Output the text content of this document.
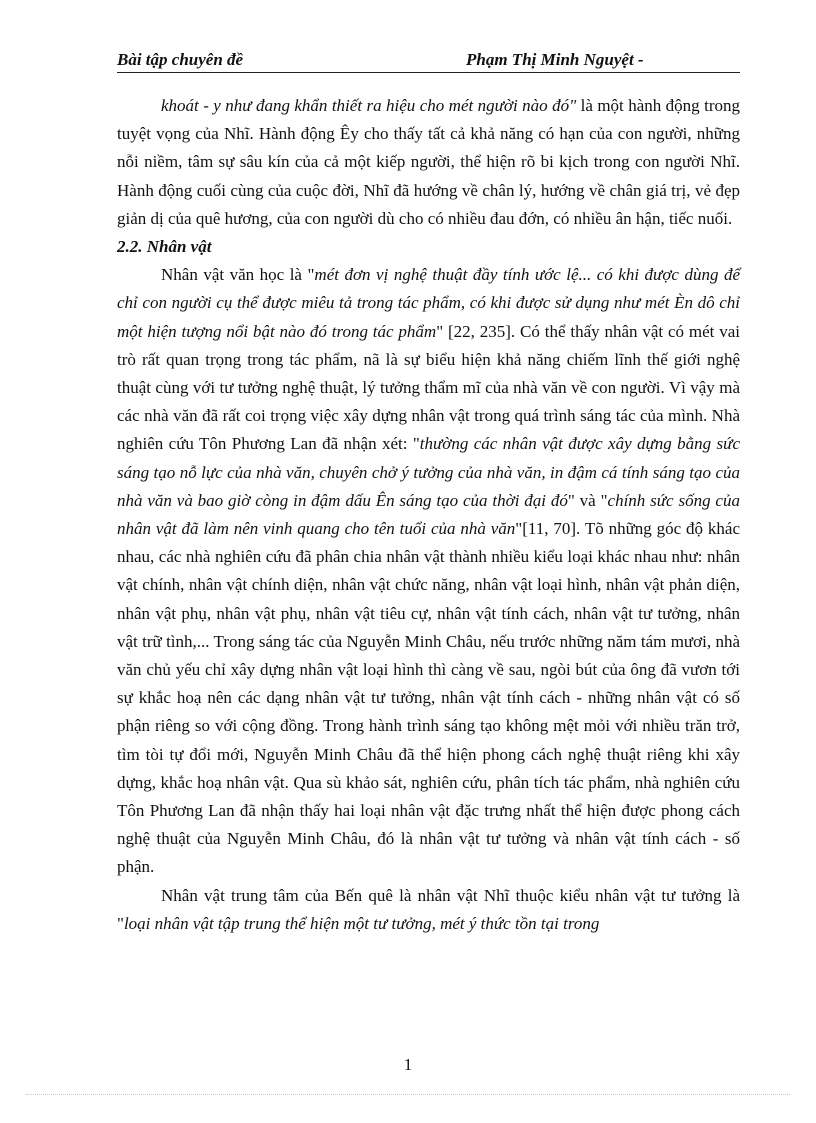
Bài tập chuyên đề	Phạm Thị Minh Nguyệt -

khoát - y như đang khẩn thiết ra hiệu cho mét người nào đó" là một hành động trong tuyệt vọng của Nhĩ. Hành động Êy cho thấy tất cả khả năng có hạn của con người, những nỗi niềm, tâm sự sâu kín của cả một kiếp người, thể hiện rõ bi kịch trong con người Nhĩ. Hành động cuối cùng của cuộc đời, Nhĩ đã hướng về chân lý, hướng về chân giá trị, vẻ đẹp giản dị của quê hương, của con người dù cho có nhiều đau đớn, có nhiều ân hận, tiếc nuối.

2.2. Nhân vật

Nhân vật văn học là "mét đơn vị nghệ thuật đầy tính ước lệ... có khi được dùng để chỉ con người cụ thể được miêu tả trong tác phẩm, có khi được sử dụng như mét Èn dô chỉ một hiện tượng nổi bật nào đó trong tác phẩm" [22, 235]. Có thể thấy nhân vật có mét vai trò rất quan trọng trong tác phẩm, nã là sự biểu hiện khả năng chiếm lĩnh thế giới nghệ thuật cùng với tư tưởng nghệ thuật, lý tưởng thẩm mĩ của nhà văn về con người. Vì vậy mà các nhà văn đã rất coi trọng việc xây dựng nhân vật trong quá trình sáng tác của mình. Nhà nghiên cứu Tôn Phương Lan đã nhận xét: "thường các nhân vật được xây dựng bằng sức sáng tạo nỗ lực của nhà văn, chuyên chở ý tưởng của nhà văn, in đậm cá tính sáng tạo của nhà văn và bao giờ còng in đậm dấu Ên sáng tạo của thời đại đó" và "chính sức sống của nhân vật đã làm nên vinh quang cho tên tuổi của nhà văn"[11, 70]. Tõ những góc độ khác nhau, các nhà nghiên cứu đã phân chia nhân vật thành nhiều kiểu loại khác nhau như: nhân vật chính, nhân vật chính diện, nhân vật chức năng, nhân vật loại hình, nhân vật phản diện, nhân vật phụ, nhân vật phụ, nhân vật tiêu cự, nhân vật tính cách, nhân vật tư tưởng, nhân vật trữ tình,... Trong sáng tác của Nguyễn Minh Châu, nếu trước những năm tám mươi, nhà văn chủ yếu chỉ xây dựng nhân vật loại hình thì càng về sau, ngòi bút của ông đã vươn tới sự khắc hoạ nên các dạng nhân vật tư tưởng, nhân vật tính cách - những nhân vật có số phận riêng so với cộng đồng. Trong hành trình sáng tạo không mệt mỏi với nhiều trăn trở, tìm tòi tự đổi mới, Nguyễn Minh Châu đã thể hiện phong cách nghệ thuật riêng khi xây dựng, khắc hoạ nhân vật. Qua sù khảo sát, nghiên cứu, phân tích tác phẩm, nhà nghiên cứu Tôn Phương Lan đã nhận thấy hai loại nhân vật đặc trưng nhất thể hiện được phong cách nghệ thuật của Nguyễn Minh Châu, đó là nhân vật tư tưởng và nhân vật tính cách - số phận.

Nhân vật trung tâm của Bến quê là nhân vật Nhĩ thuộc kiểu nhân vật tư tưởng là "loại nhân vật tập trung thể hiện một tư tưởng, mét ý thức tồn tại trong

1
